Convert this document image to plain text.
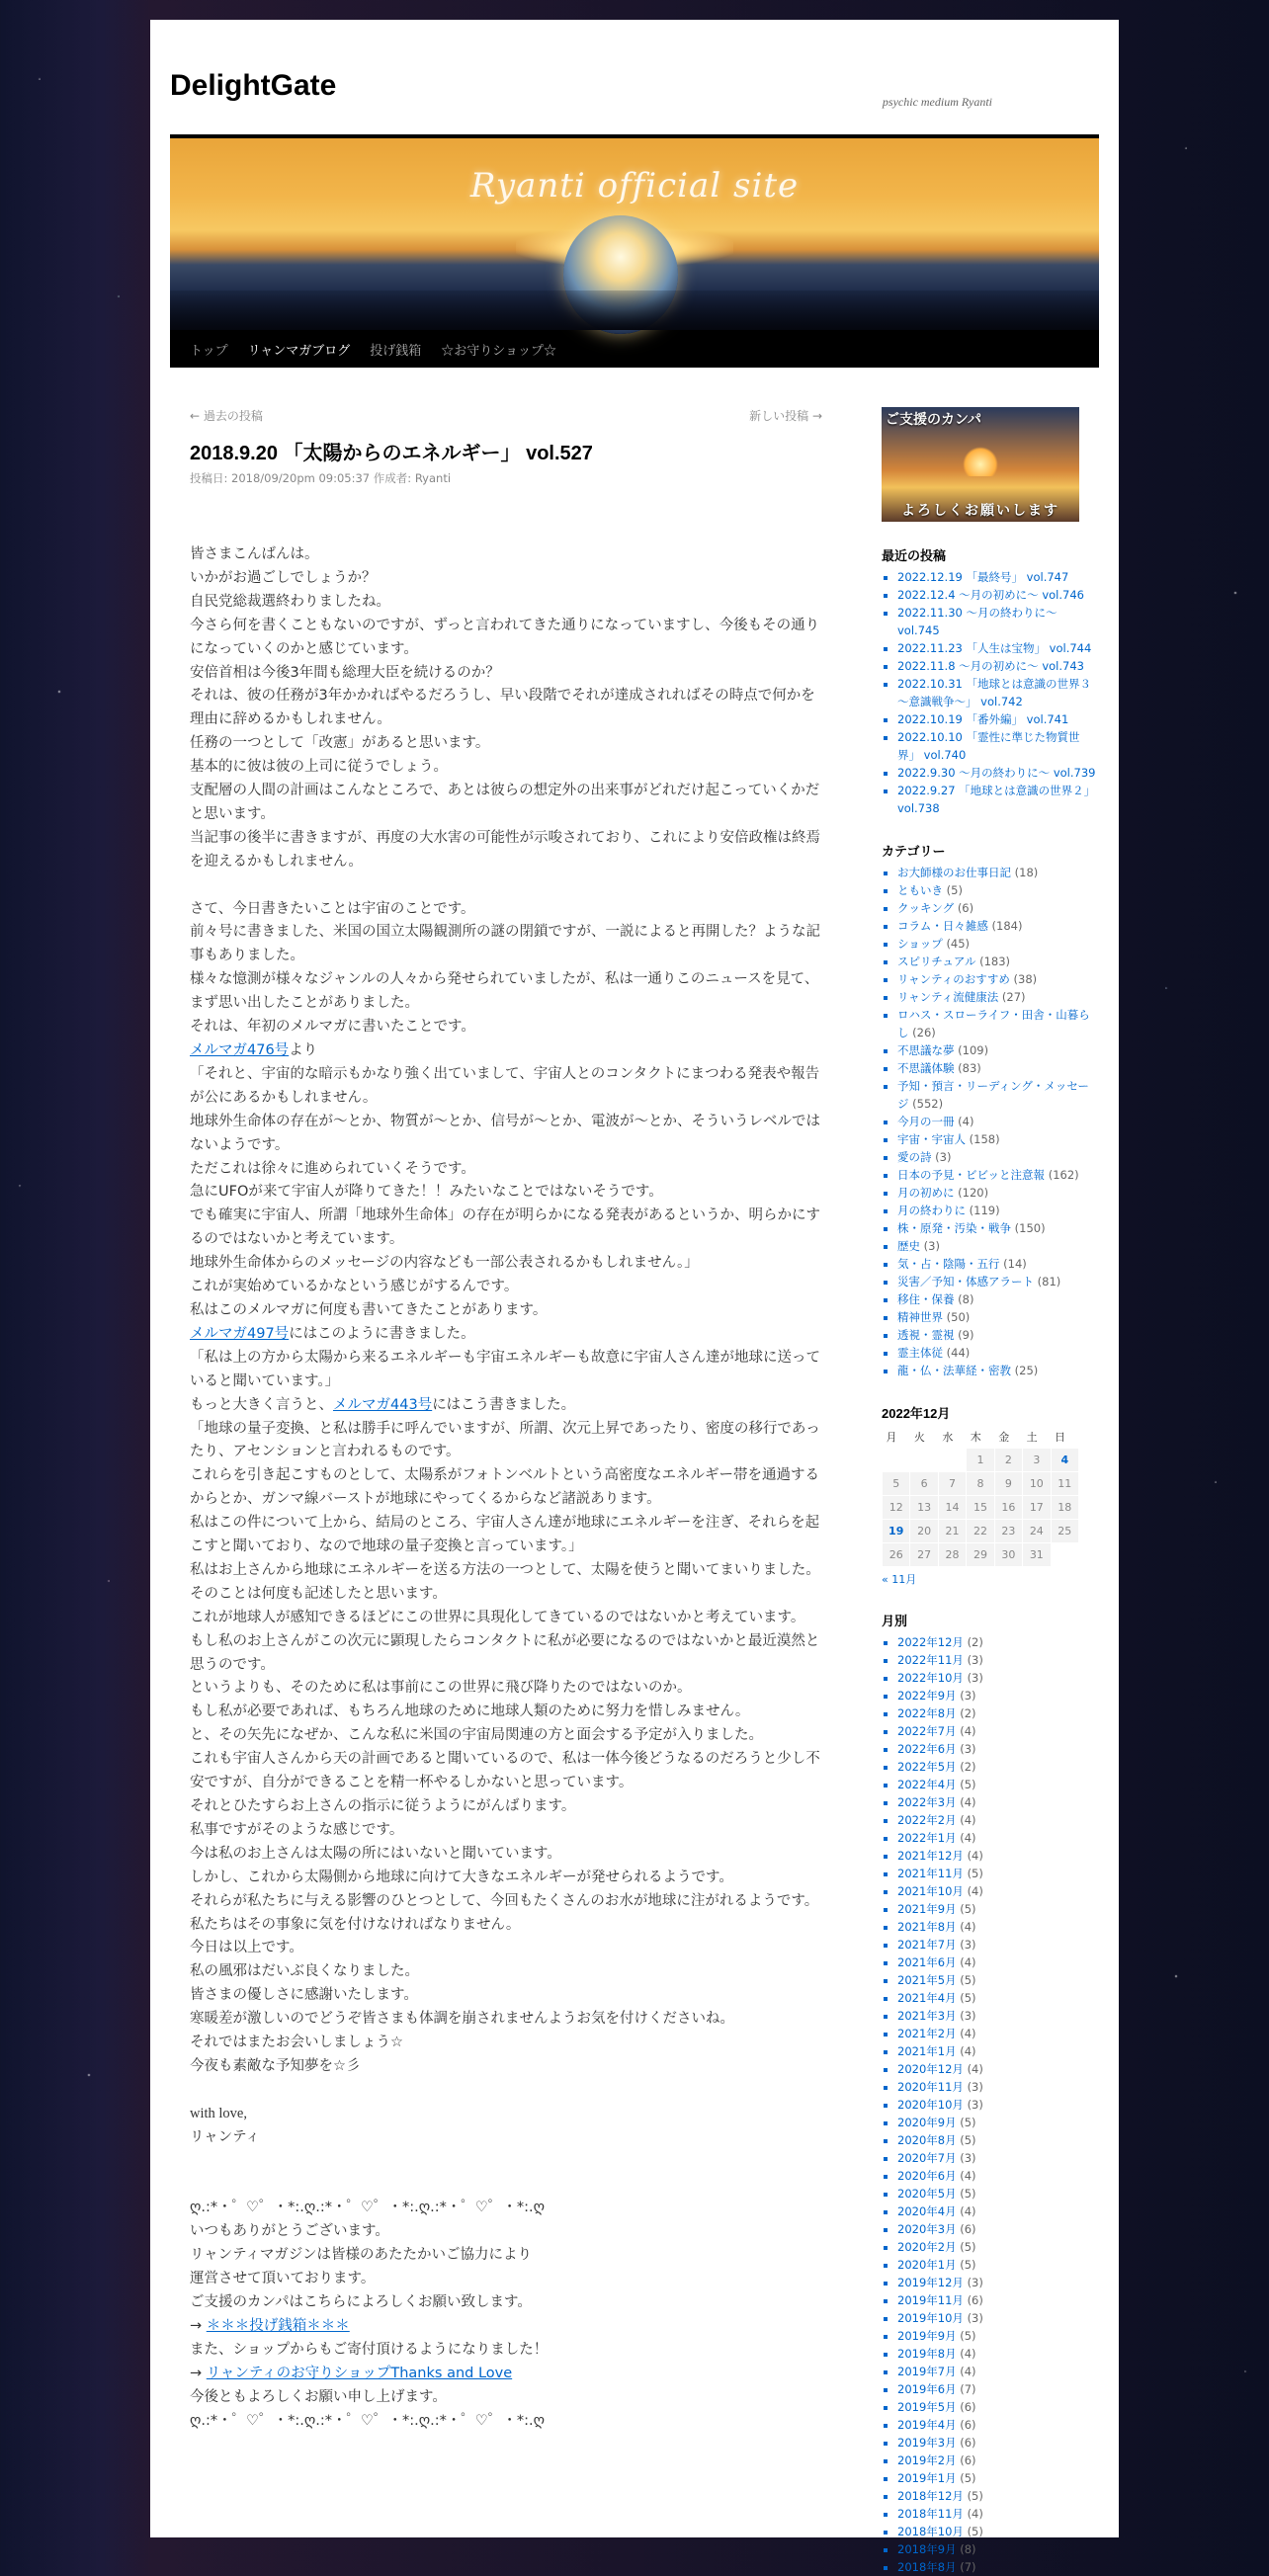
DelightGate	psychic medium Ryanti
Ryanti official site
トップ リャンマガブログ 投げ銭箱 ☆お守りショップ☆
← 過去の投稿	新しい投稿 →
2018.9.20 「太陽からのエネルギー」 vol.527
投稿日: 2018/09/20pm 09:05:37 作成者: Ryanti

皆さまこんばんは。
いかがお過ごしでしょうか？
自民党総裁選終わりましたね。
今さら何を書くこともないのですが、ずっと言われてきた通りになっていますし、今後もその通りになっていくのかと感じています。
安倍首相は今後3年間も総理大臣を続けるのか？
それは、彼の任務が3年かかればやるだろうし、早い段階でそれが達成されればその時点で何かを理由に辞めるかもしれません。
任務の一つとして「改憲」があると思います。
基本的に彼は彼の上司に従うでしょう。
支配層の人間の計画はこんなところで、あとは彼らの想定外の出来事がどれだけ起こっていくかだと思います。
当記事の後半に書きますが、再度の大水害の可能性が示唆されており、これにより安倍政権は終焉を迎えるかもしれません。

さて、今日書きたいことは宇宙のことです。
前々号に書きました、米国の国立太陽観測所の謎の閉鎖ですが、一説によると再開した？ような記事もありました。
様々な憶測が様々なジャンルの人々から発せられていましたが、私は一通りこのニュースを見て、まず思い出したことがありました。
それは、年初のメルマガに書いたことです。
メルマガ476号より
「それと、宇宙的な暗示もかなり強く出ていまして、宇宙人とのコンタクトにまつわる発表や報告が公にあるかもしれません。
地球外生命体の存在が～とか、物質が～とか、信号が～とか、電波が～とか、そういうレベルではないようです。
ただこれは徐々に進められていくそうです。
急にUFOが来て宇宙人が降りてきた！！みたいなことではないそうです。
でも確実に宇宙人、所謂「地球外生命体」の存在が明らかになる発表があるというか、明らかにするのではないかと考えています。
地球外生命体からのメッセージの内容なども一部公表されるかもしれません。」
これが実始めているかなという感じがするんです。
私はこのメルマガに何度も書いてきたことがあります。
メルマガ497号にはこのように書きました。
「私は上の方から太陽から来るエネルギーも宇宙エネルギーも故意に宇宙人さん達が地球に送っていると聞いています。」
もっと大きく言うと、メルマガ443号にはこう書きました。
「地球の量子変換、と私は勝手に呼んでいますが、所謂、次元上昇であったり、密度の移行であったり、アセンションと言われるものです。
これらを引き起こすものとして、太陽系がフォトンベルトという高密度なエネルギー帯を通過するからとか、ガンマ線バーストが地球にやってくるからなど諸説あります。
私はこの件について上から、結局のところ、宇宙人さん達が地球にエネルギーを注ぎ、それらを起こすと聞いており、なので地球の量子変換と言っています。」
私はお上さんから地球にエネルギーを送る方法の一つとして、太陽を使うと聞いてまいりました。
そのことは何度も記述したと思います。
これが地球人が感知できるほどにこの世界に具現化してきているのではないかと考えています。
もし私のお上さんがこの次元に顕現したらコンタクトに私が必要になるのではないかと最近漠然と思うのです。
というよりも、そのために私は事前にこの世界に飛び降りたのではないのか。
もし私が必要であれば、もちろん地球のために地球人類のために努力を惜しみません。
と、その矢先になぜか、こんな私に米国の宇宙局関連の方と面会する予定が入りました。
これも宇宙人さんから天の計画であると聞いているので、私は一体今後どうなるのだろうと少し不安ですが、自分ができることを精一杯やるしかないと思っています。
それとひたすらお上さんの指示に従うようにがんばります。
私事ですがそのような感じです。
今は私のお上さんは太陽の所にはいないと聞いています。
しかし、これから太陽側から地球に向けて大きなエネルギーが発せられるようです。
それらが私たちに与える影響のひとつとして、今回もたくさんのお水が地球に注がれるようです。
私たちはその事象に気を付けなければなりません。
今日は以上です。
私の風邪はだいぶ良くなりました。
皆さまの優しさに感謝いたします。
寒暖差が激しいのでどうぞ皆さまも体調を崩されませんようお気を付けくださいね。
それではまたお会いしましょう☆
今夜も素敵な予知夢を☆彡

with love,
リャンティ

ღ.:*・゜♡゜・*:.ღ.:*・゜♡゜・*:.ღ.:*・゜♡゜・*:.ღ
いつもありがとうございます。
リャンティマガジンは皆様のあたたかいご協力により
運営させて頂いております。
ご支援のカンパはこちらによろしくお願い致します。
→ ＊＊＊投げ銭箱＊＊＊
また、ショップからもご寄付頂けるようになりました！
→ リャンティのお守りショップThanks and Love
今後ともよろしくお願い申し上げます。
ღ.:*・゜♡゜・*:.ღ.:*・゜♡゜・*:.ღ.:*・゜♡゜・*:.ღ

ご支援のカンパ
よろしくお願いします
最近の投稿
▪ 2022.12.19 「最終号」 vol.747
▪ 2022.12.4 ～月の初めに～ vol.746
▪ 2022.11.30 ～月の終わりに～ vol.745
▪ 2022.11.23 「人生は宝物」 vol.744
▪ 2022.11.8 ～月の初めに～ vol.743
▪ 2022.10.31 「地球とは意識の世界３～意識戦争～」 vol.742
▪ 2022.10.19 「番外編」 vol.741
▪ 2022.10.10 「霊性に準じた物質世界」 vol.740
▪ 2022.9.30 ～月の終わりに～ vol.739
▪ 2022.9.27 「地球とは意識の世界２」 vol.738
カテゴリー
▪ お大師様のお仕事日記 (18)
▪ ともいき (5)
▪ クッキング (6)
▪ コラム・日々雑感 (184)
▪ ショップ (45)
▪ スピリチュアル (183)
▪ リャンティのおすすめ (38)
▪ リャンティ流健康法 (27)
▪ ロハス・スローライフ・田舎・山暮らし (26)
▪ 不思議な夢 (109)
▪ 不思議体験 (83)
▪ 予知・預言・リーディング・メッセージ (552)
▪ 今月の一冊 (4)
▪ 宇宙・宇宙人 (158)
▪ 愛の詩 (3)
▪ 日本の予見・ビビッと注意報 (162)
▪ 月の初めに (120)
▪ 月の終わりに (119)
▪ 株・原発・汚染・戦争 (150)
▪ 歴史 (3)
▪ 気・占・陰陽・五行 (14)
▪ 災害／予知・体感アラート (81)
▪ 移住・保養 (8)
▪ 精神世界 (50)
▪ 透視・霊視 (9)
▪ 霊主体従 (44)
▪ 龍・仏・法華経・密教 (25)
2022年12月
月	火	水	木	金	土	日
			1	2	3	4
5	6	7	8	9	10	11
12	13	14	15	16	17	18
19	20	21	22	23	24	25
26	27	28	29	30	31	
« 11月
月別
▪ 2022年12月 (2)
▪ 2022年11月 (3)
▪ 2022年10月 (3)
▪ 2022年9月 (3)
▪ 2022年8月 (2)
▪ 2022年7月 (4)
▪ 2022年6月 (3)
▪ 2022年5月 (2)
▪ 2022年4月 (5)
▪ 2022年3月 (4)
▪ 2022年2月 (4)
▪ 2022年1月 (4)
▪ 2021年12月 (4)
▪ 2021年11月 (5)
▪ 2021年10月 (4)
▪ 2021年9月 (5)
▪ 2021年8月 (4)
▪ 2021年7月 (3)
▪ 2021年6月 (4)
▪ 2021年5月 (5)
▪ 2021年4月 (5)
▪ 2021年3月 (3)
▪ 2021年2月 (4)
▪ 2021年1月 (4)
▪ 2020年12月 (4)
▪ 2020年11月 (3)
▪ 2020年10月 (3)
▪ 2020年9月 (5)
▪ 2020年8月 (5)
▪ 2020年7月 (3)
▪ 2020年6月 (4)
▪ 2020年5月 (5)
▪ 2020年4月 (4)
▪ 2020年3月 (6)
▪ 2020年2月 (5)
▪ 2020年1月 (5)
▪ 2019年12月 (3)
▪ 2019年11月 (6)
▪ 2019年10月 (3)
▪ 2019年9月 (5)
▪ 2019年8月 (4)
▪ 2019年7月 (4)
▪ 2019年6月 (7)
▪ 2019年5月 (6)
▪ 2019年4月 (6)
▪ 2019年3月 (6)
▪ 2019年2月 (6)
▪ 2019年1月 (5)
▪ 2018年12月 (5)
▪ 2018年11月 (4)
▪ 2018年10月 (5)
▪ 2018年9月 (8)
▪ 2018年8月 (7)
